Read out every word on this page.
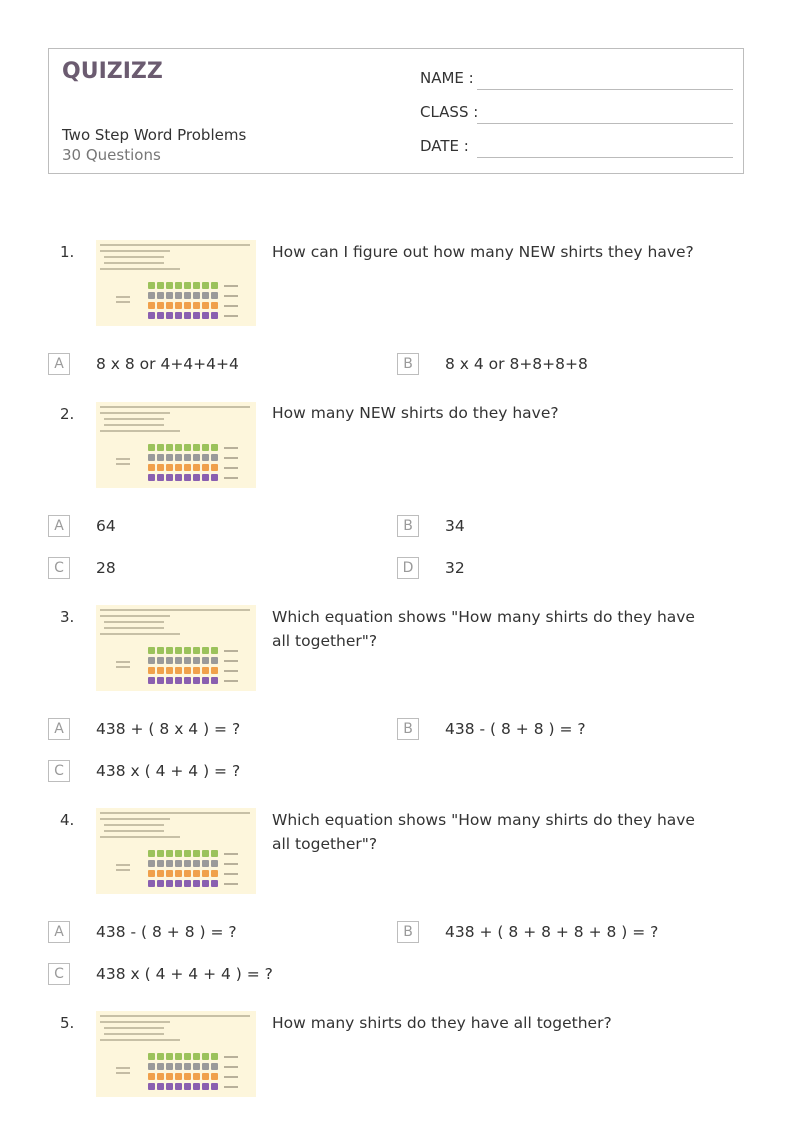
QUIZIZZ
Two Step Word Problems
30 Questions
NAME :
CLASS :
DATE :
1.	How can I figure out how many NEW shirts they have?
A	8 x 8 or 4+4+4+4	B	8 x 4 or 8+8+8+8
2.	How many NEW shirts do they have?
A	64	B	34
C	28	D	32
3.	Which equation shows "How many shirts do they have all together"?
A	438 + ( 8 x 4 ) = ?	B	438 - ( 8 + 8 ) = ?
C	438 x ( 4 + 4 ) = ?
4.	Which equation shows "How many shirts do they have all together"?
A	438 - ( 8 + 8 ) = ?	B	438 + ( 8 + 8 + 8 + 8 ) = ?
C	438 x ( 4 + 4 + 4 ) = ?
5.	How many shirts do they have all together?
